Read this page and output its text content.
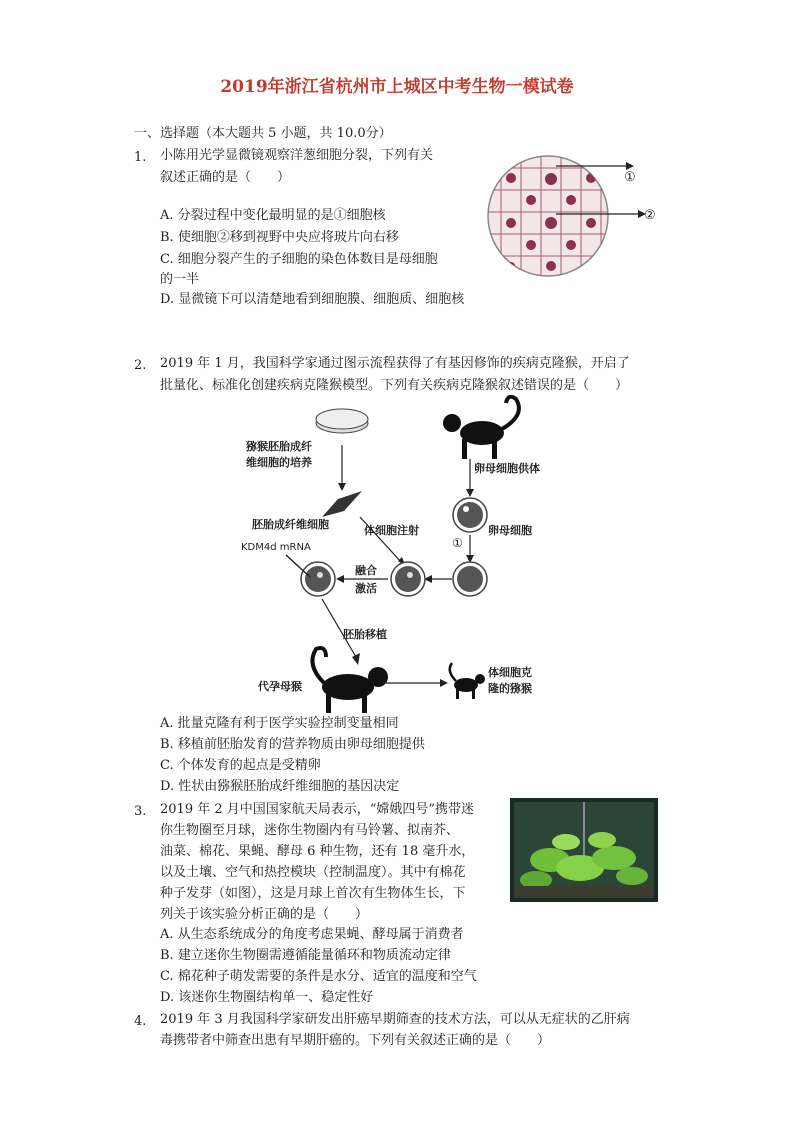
2019年浙江省杭州市上城区中考生物一模试卷
一、选择题（本大题共 5 小题，共 10.0分）
1. 小陈用光学显微镜观察洋葱细胞分裂，下列有关
叙述正确的是（　　）	①
②
A. 分裂过程中变化最明显的是①细胞核
B. 使细胞②移到视野中央应将玻片向右移
C. 细胞分裂产生的子细胞的染色体数目是母细胞
的一半
D. 显微镜下可以清楚地看到细胞膜、细胞质、细胞核
2. 2019 年 1 月，我国科学家通过图示流程获得了有基因修饰的疾病克隆猴，开启了
批量化、标准化创建疾病克隆猴模型。下列有关疾病克隆猴叙述错误的是（　　）
猕猴胚胎成纤
维细胞的培养	卵母细胞供体
胚胎成纤维细胞	体细胞注射	卵母细胞
①
KDM4d mRNA
融合
激活
胚胎移植
代孕母猴
体细胞克
隆的猕猴
A. 批量克隆有利于医学实验控制变量相同
B. 移植前胚胎发育的营养物质由卵母细胞提供
C. 个体发育的起点是受精卵
D. 性状由猕猴胚胎成纤维细胞的基因决定
3. 2019 年 2 月中国国家航天局表示，“嫦娥四号”携带迷
你生物圈至月球，迷你生物圈内有马铃薯、拟南芥、
油菜、棉花、果蝇、酵母 6 种生物，还有 18 毫升水，
以及土壤、空气和热控模块（控制温度）。其中有棉花
种子发芽（如图），这是月球上首次有生物体生长，下
列关于该实验分析正确的是（　　）
A. 从生态系统成分的角度考虑果蝇、酵母属于消费者
B. 建立迷你生物圈需遵循能量循环和物质流动定律
C. 棉花种子萌发需要的条件是水分、适宜的温度和空气
D. 该迷你生物圈结构单一、稳定性好
4. 2019 年 3 月我国科学家研发出肝癌早期筛查的技术方法，可以从无症状的乙肝病
毒携带者中筛查出患有早期肝癌的。下列有关叙述正确的是（　　）
